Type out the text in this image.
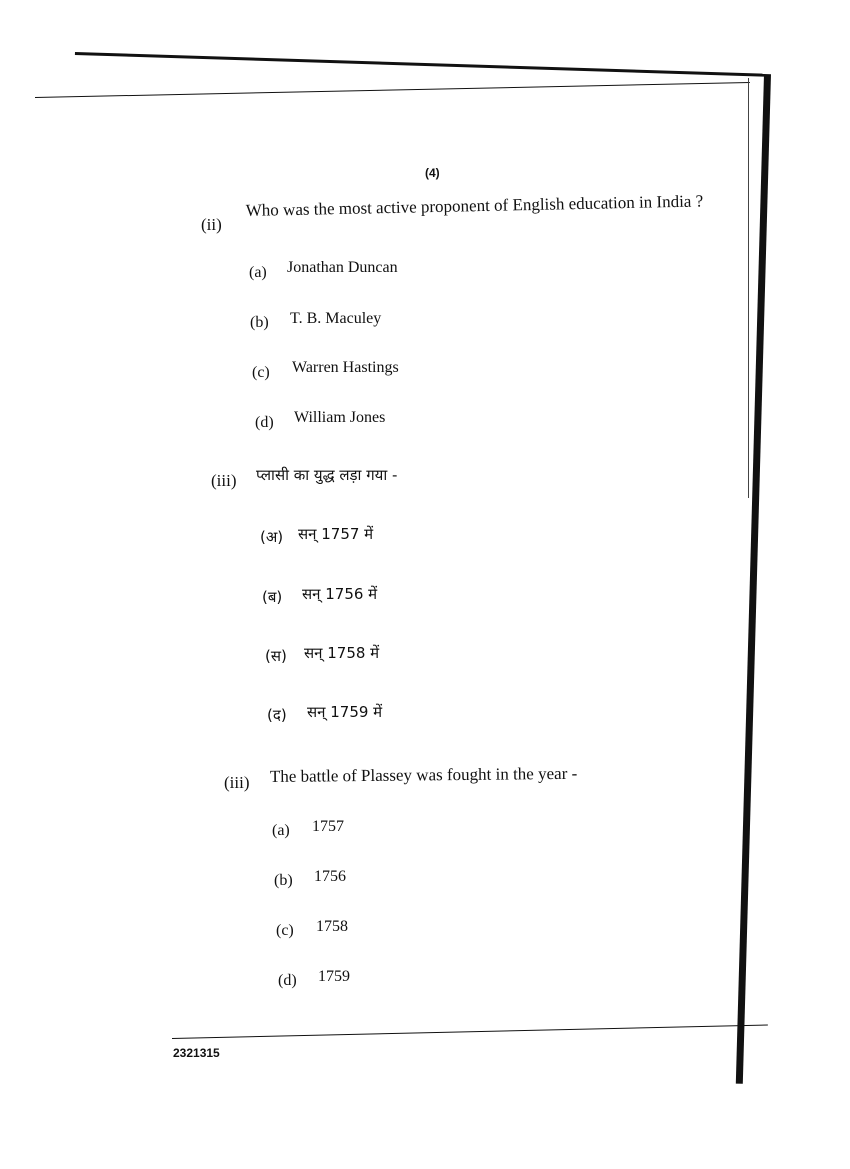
(4)
(ii)
Who was the most active proponent of English education in India ?
(a) Jonathan Duncan
(b) T. B. Maculey
(c) Warren Hastings
(d) William Jones
(iii) प्लासी का युद्ध लड़ा गया -
(अ) सन् 1757 में
(ब) सन् 1756 में
(स) सन् 1758 में
(द) सन् 1759 में
(iii) The battle of Plassey was fought in the year -
(a) 1757
(b) 1756
(c) 1758
(d) 1759
2321315
